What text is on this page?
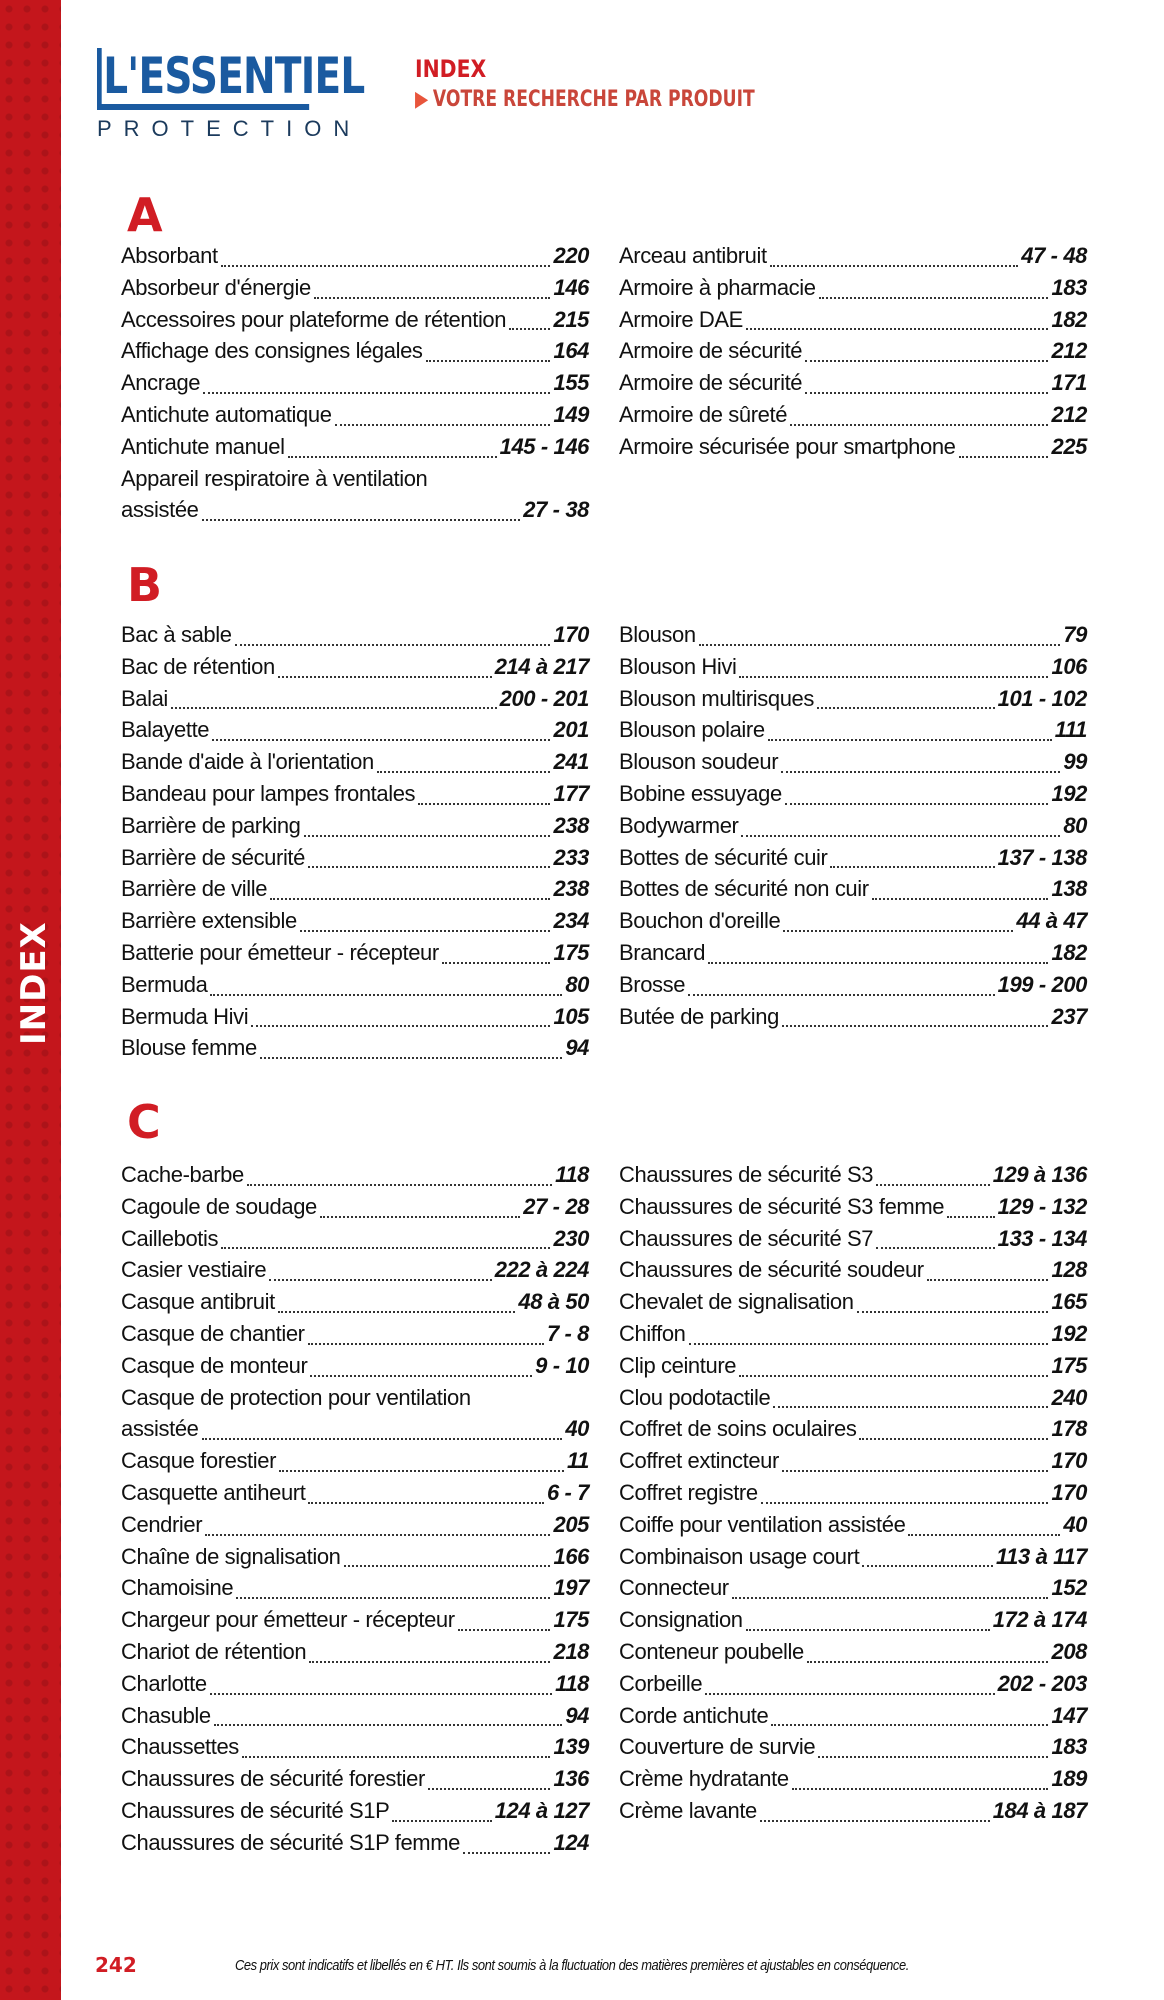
INDEX
L'ESSENTIEL
PROTECTION
INDEX
▶ VOTRE RECHERCHE PAR PRODUIT
A
Absorbant	220
Absorbeur d'énergie	146
Accessoires pour plateforme de rétention 215
Affichage des consignes légales	164
Ancrage	155
Antichute automatique	149
Antichute manuel	145 - 146
Appareil respiratoire à ventilation
assistée	27 - 38
Arceau antibruit	47 - 48
Armoire à pharmacie	183
Armoire DAE	182
Armoire de sécurité	212
Armoire de sécurité	171
Armoire de sûreté	212
Armoire sécurisée pour smartphone	225
B
Bac à sable	170
Bac de rétention	214 à 217
Balai	200 - 201
Balayette	201
Bande d'aide à l'orientation	241
Bandeau pour lampes frontales	177
Barrière de parking	238
Barrière de sécurité	233
Barrière de ville	238
Barrière extensible	234
Batterie pour émetteur - récepteur	175
Bermuda	80
Bermuda Hivi	105
Blouse femme	94
Blouson	79
Blouson Hivi	106
Blouson multirisques	101 - 102
Blouson polaire	111
Blouson soudeur	99
Bobine essuyage	192
Bodywarmer	80
Bottes de sécurité cuir	137 - 138
Bottes de sécurité non cuir	138
Bouchon d'oreille	44 à 47
Brancard	182
Brosse	199 - 200
Butée de parking	237
C
Cache-barbe	118
Cagoule de soudage	27 - 28
Caillebotis	230
Casier vestiaire	222 à 224
Casque antibruit	48 à 50
Casque de chantier	7 - 8
Casque de monteur	9 - 10
Casque de protection pour ventilation
assistée	40
Casque forestier	11
Casquette antiheurt	6 - 7
Cendrier	205
Chaîne de signalisation	166
Chamoisine	197
Chargeur pour émetteur - récepteur	175
Chariot de rétention	218
Charlotte	118
Chasuble	94
Chaussettes	139
Chaussures de sécurité forestier	136
Chaussures de sécurité S1P	124 à 127
Chaussures de sécurité S1P femme	124
Chaussures de sécurité S3	129 à 136
Chaussures de sécurité S3 femme 129 - 132
Chaussures de sécurité S7	133 - 134
Chaussures de sécurité soudeur	128
Chevalet de signalisation	165
Chiffon	192
Clip ceinture	175
Clou podotactile	240
Coffret de soins oculaires	178
Coffret extincteur	170
Coffret registre	170
Coiffe pour ventilation assistée	40
Combinaison usage court	113 à 117
Connecteur	152
Consignation	172 à 174
Conteneur poubelle	208
Corbeille	202 - 203
Corde antichute	147
Couverture de survie	183
Crème hydratante	189
Crème lavante	184 à 187
242	Ces prix sont indicatifs et libellés en € HT. Ils sont soumis à la fluctuation des matières premières et ajustables en conséquence.
